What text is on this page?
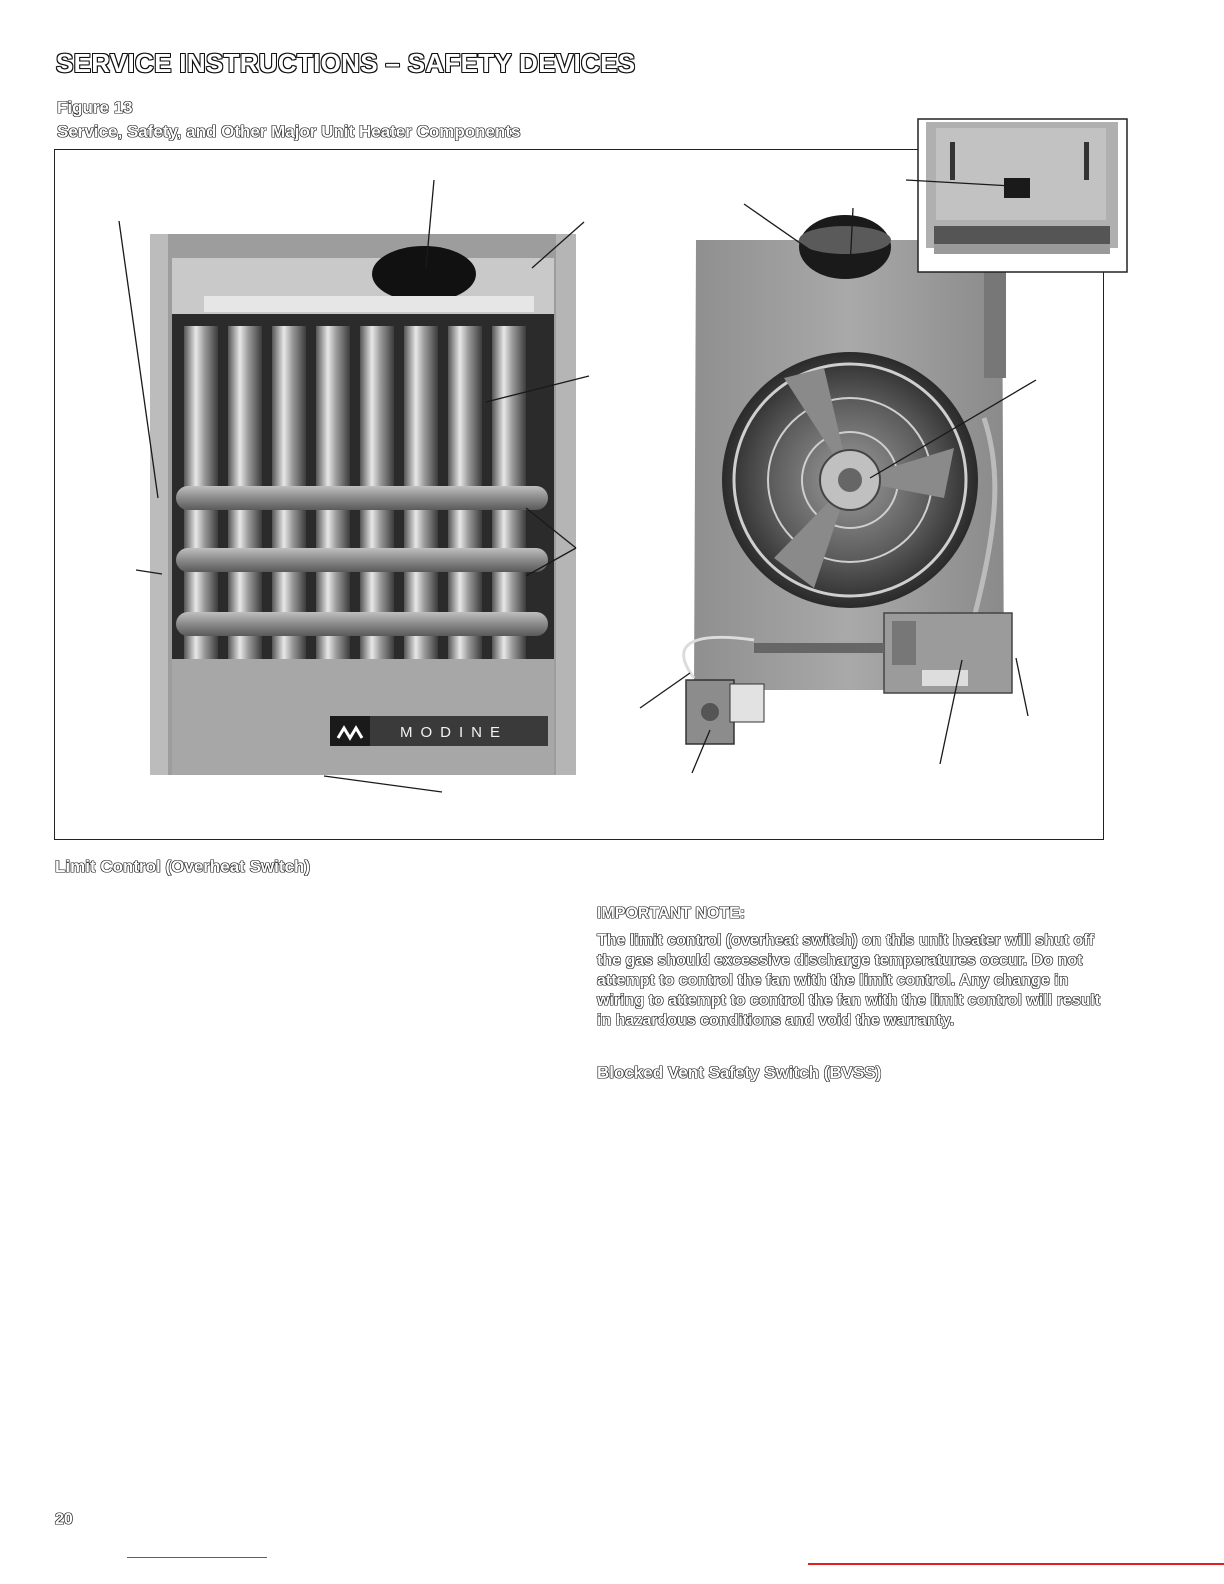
SERVICE INSTRUCTIONS – SAFETY DEVICES
Figure 13
Service, Safety, and Other Major Unit Heater Components
MODINE
Limit Control (Overheat Switch)
IMPORTANT NOTE:
The limit control (overheat switch) on this unit heater will shut off the gas should excessive discharge temperatures occur. Do not attempt to control the fan with the limit control. Any change in wiring to attempt to control the fan with the limit control will result in hazardous conditions and void the warranty.
Blocked Vent Safety Switch (BVSS)
20
